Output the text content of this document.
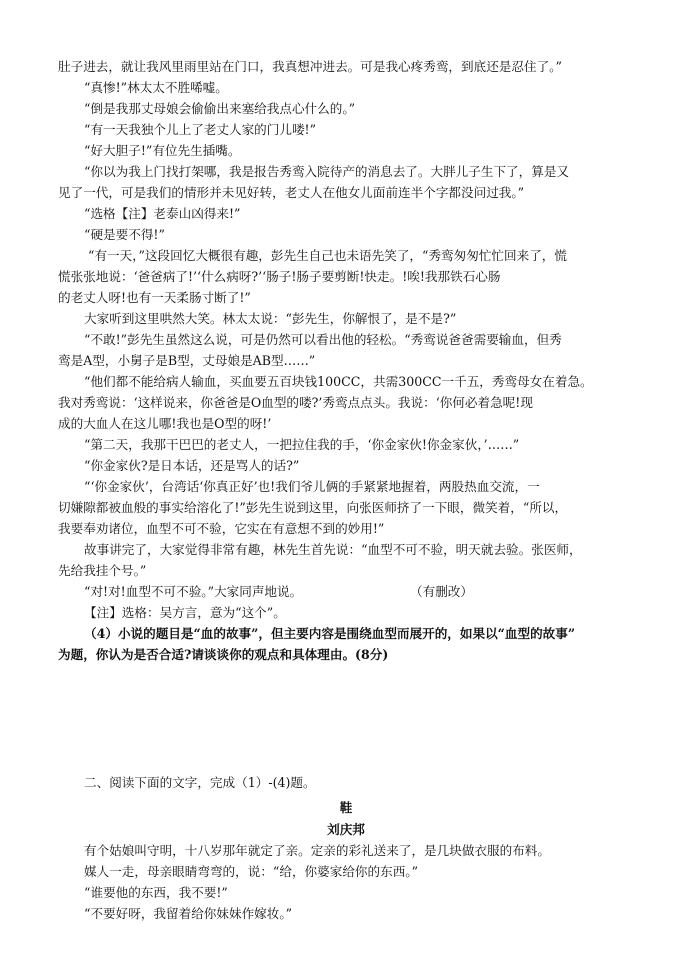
肚子进去，就让我风里雨里站在门口，我真想冲进去。可是我心疼秀鸾，到底还是忍住了。”
“真惨!”林太太不胜唏嘘。
“倒是我那丈母娘会偷偷出来塞给我点心什么的。”
“有一天我独个儿上了老丈人家的门儿喽!”
“好大胆子!”有位先生插嘴。
“你以为我上门找打架哪，我是报告秀鸾入院待产的消息去了。大胖儿子生下了，算是又
见了一代，可是我们的情形并未见好转，老丈人在他女儿面前连半个字都没问过我。”
“选格【注】老泰山凶得来!”
“硬是要不得!”
“有一天，”这段回忆大概很有趣，彭先生自己也未语先笑了，“秀鸾匆匆忙忙回来了，慌
慌张张地说：‘爸爸病了!’‘什么病呀?’‘肠子!肠子要剪断!快走。!唉!我那铁石心肠
的老丈人呀!也有一天柔肠寸断了!”
大家听到这里哄然大笑。林太太说：“彭先生，你解恨了，是不是?”
“不敢!”彭先生虽然这么说，可是仍然可以看出他的轻松。“秀鸾说爸爸需要输血，但秀
鸾是A型，小舅子是B型，丈母娘是AB型……”
“他们都不能给病人输血，买血要五百块钱100CC，共需300CC一千五，秀鸾母女在着急。
我对秀鸾说：‘这样说来，你爸爸是O血型的喽?’秀鸾点点头。我说：‘你何必着急呢!现
成的大血人在这儿哪!我也是O型的呀!’
“第二天，我那干巴巴的老丈人，一把拉住我的手，‘你金家伙!你金家伙，’……”
“你金家伙?是日本话，还是骂人的话?”
“‘你金家伙’，台湾话‘你真正好’也!我们爷儿俩的手紧紧地握着，两股热血交流，一
切嫌隙都被血般的事实给溶化了!”彭先生说到这里，向张医师挤了一下眼，微笑着，“所以，
我要奉劝诸位，血型不可不验，它实在有意想不到的妙用!”
故事讲完了，大家觉得非常有趣，林先生首先说：“血型不可不验，明天就去验。张医师，
先给我挂个号。”
“对!对!血型不可不验。”大家同声地说。	（有删改）
【注】选格：吴方言，意为“这个”。
（4）小说的题目是“血的故事”，但主要内容是围绕血型而展开的，如果以“血型的故事”
为题，你认为是否合适?请谈谈你的观点和具体理由。(8分)
二、阅读下面的文字，完成（1）-(4)题。
鞋
刘庆邦
有个姑娘叫守明，十八岁那年就定了亲。定亲的彩礼送来了，是几块做衣服的布料。
媒人一走，母亲眼睛弯弯的，说：“给，你婆家给你的东西。”
“谁要他的东西，我不要!”
“不要好呀，我留着给你妹妹作嫁妆。”
